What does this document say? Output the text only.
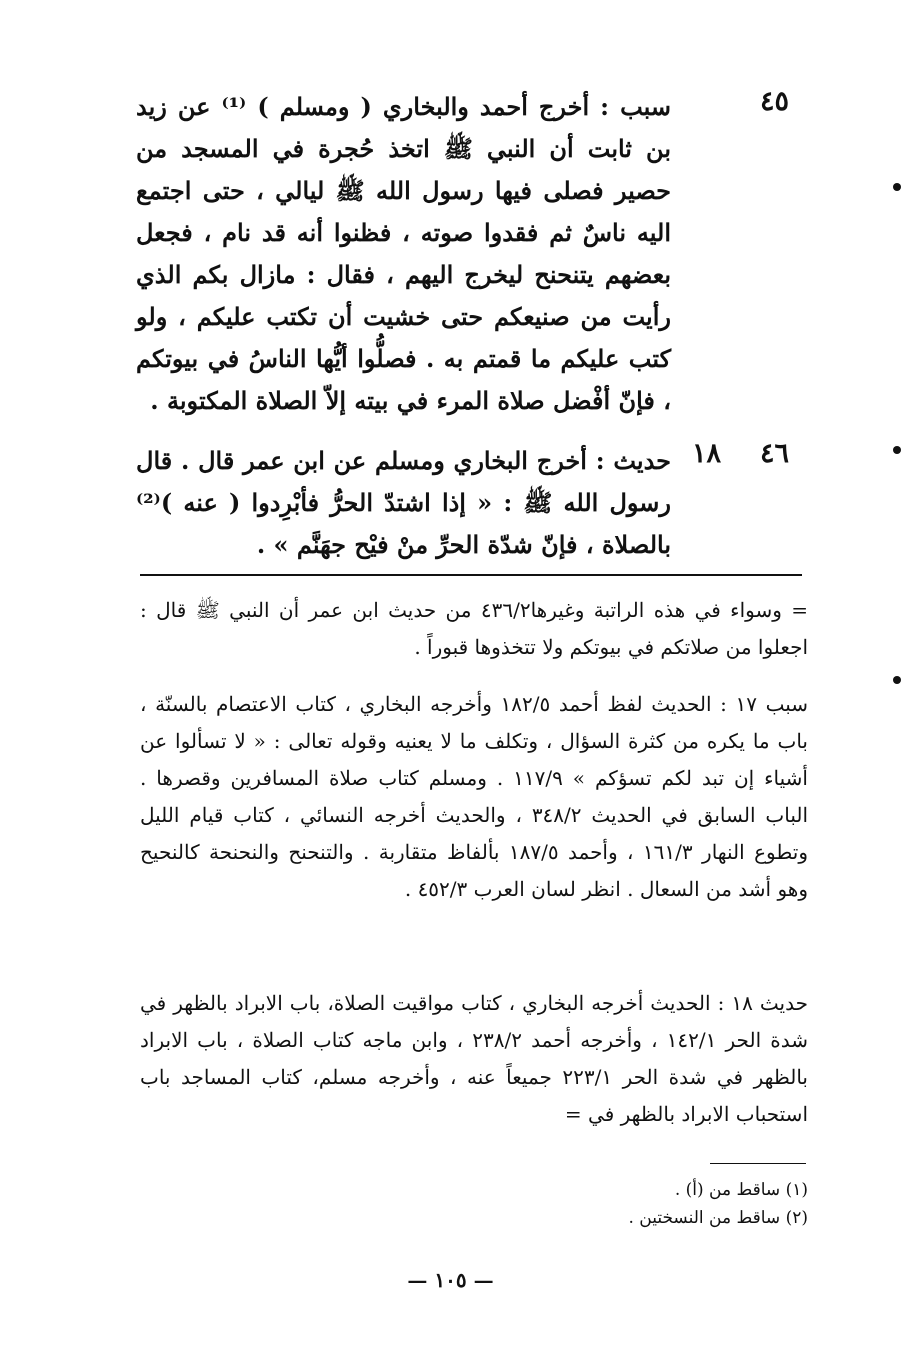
٤٥
سبب : أخرج أحمد والبخاري ( ومسلم ) ⁽¹⁾ عن زيد بن ثابت أن النبي ﷺ اتخذ حُجرة في المسجد من حصير فصلى فيها رسول الله ﷺ ليالي ، حتى اجتمع اليه ناسٌ ثم فقدوا صوته ، فظنوا أنه قد نام ، فجعل بعضهم يتنحنح ليخرج اليهم ، فقال : مازال بكم الذي رأيت من صنيعكم حتى خشيت أن تكتب عليكم ، ولو كتب عليكم ما قمتم به . فصلُّوا أيُّها الناسُ في بيوتكم ، فإنّ أفْضل صلاة المرء في بيته إلاّ الصلاة المكتوبة .
٤٦
١٨
حديث : أخرج البخاري ومسلم عن ابن عمر قال . قال رسول الله ﷺ : « إذا اشتدّ الحرُّ فأبْرِدوا ( عنه )⁽²⁾ بالصلاة ، فإنّ شدّة الحرِّ منْ فيْح جهَنَّم » .
= وسواء في هذه الراتبة وغيرها٤٣٦/٢ من حديث ابن عمر أن النبي ﷺ قال : اجعلوا من صلاتكم في بيوتكم ولا تتخذوها قبوراً .
سبب ١٧ : الحديث لفظ أحمد ١٨٢/٥ وأخرجه البخاري ، كتاب الاعتصام بالسنّة ، باب ما يكره من كثرة السؤال ، وتكلف ما لا يعنيه وقوله تعالى : « لا تسألوا عن أشياء إن تبد لكم تسؤكم » ١١٧/٩ . ومسلم كتاب صلاة المسافرين وقصرها . الباب السابق في الحديث ٣٤٨/٢ ، والحديث أخرجه النسائي ، كتاب قيام الليل وتطوع النهار ١٦١/٣ ، وأحمد ١٨٧/٥ بألفاظ متقاربة . والتنحنح والنحنحة كالنحيح وهو أشد من السعال . انظر لسان العرب ٤٥٢/٣ .
حديث ١٨ : الحديث أخرجه البخاري ، كتاب مواقيت الصلاة، باب الابراد بالظهر في شدة الحر ١٤٢/١ ، وأخرجه أحمد ٢٣٨/٢ ، وابن ماجه كتاب الصلاة ، باب الابراد بالظهر في شدة الحر ٢٢٣/١ جميعاً عنه ، وأخرجه مسلم، كتاب المساجد باب استحباب الابراد بالظهر في =
(١) ساقط من (أ) .
(٢) ساقط من النسختين .
— ١٠٥ —
